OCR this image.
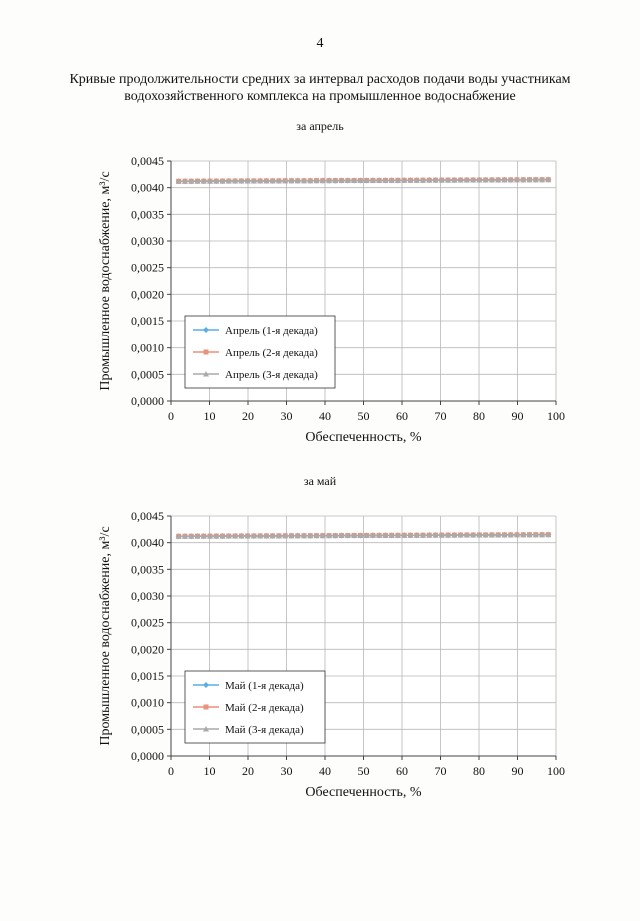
4
Кривые продолжительности средних за интервал расходов подачи воды участникам
водохозяйственного комплекса на промышленное водоснабжение
за апрель
0,0000
0,0005
0,0010
0,0015
0,0020
0,0025
0,0030
0,0035
0,0040
0,0045
0 10 20 30 40 50 60 70 80 90 100
Обеспеченность, %
Промышленное водоснабжение, м³/с	Апрель (1-я декада)
Апрель (2-я декада)
Апрель (3-я декада)
за май
0,0000
0,0005
0,0010
0,0015
0,0020
0,0025
0,0030
0,0035
0,0040
0,0045
0 10 20 30 40 50 60 70 80 90 100
Обеспеченность, %
Промышленное водоснабжение, м³/с	Май (1-я декада)
Май (2-я декада)
Май (3-я декада)
